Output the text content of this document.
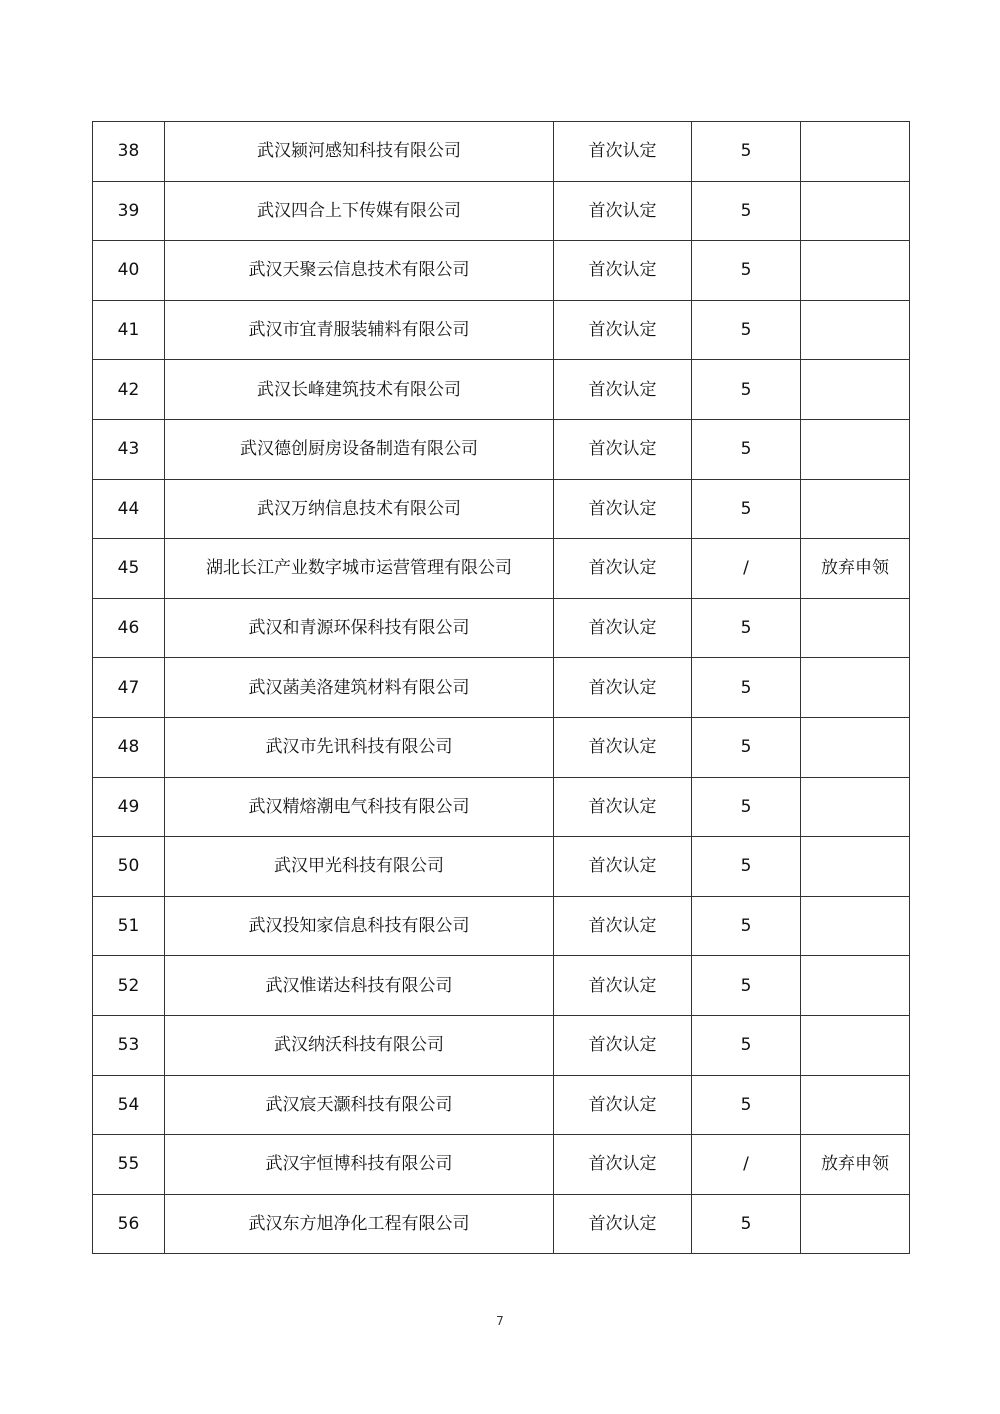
38	武汉颍河感知科技有限公司	首次认定	5	
39	武汉四合上下传媒有限公司	首次认定	5	
40	武汉天聚云信息技术有限公司	首次认定	5	
41	武汉市宜青服装辅料有限公司	首次认定	5	
42	武汉长峰建筑技术有限公司	首次认定	5	
43	武汉德创厨房设备制造有限公司	首次认定	5	
44	武汉万纳信息技术有限公司	首次认定	5	
45	湖北长江产业数字城市运营管理有限公司	首次认定	/	放弃申领
46	武汉和青源环保科技有限公司	首次认定	5	
47	武汉菡美洛建筑材料有限公司	首次认定	5	
48	武汉市先讯科技有限公司	首次认定	5	
49	武汉精熔潮电气科技有限公司	首次认定	5	
50	武汉甲光科技有限公司	首次认定	5	
51	武汉投知家信息科技有限公司	首次认定	5	
52	武汉惟诺达科技有限公司	首次认定	5	
53	武汉纳沃科技有限公司	首次认定	5	
54	武汉宸天灏科技有限公司	首次认定	5	
55	武汉宇恒博科技有限公司	首次认定	/	放弃申领
56	武汉东方旭净化工程有限公司	首次认定	5	
7
